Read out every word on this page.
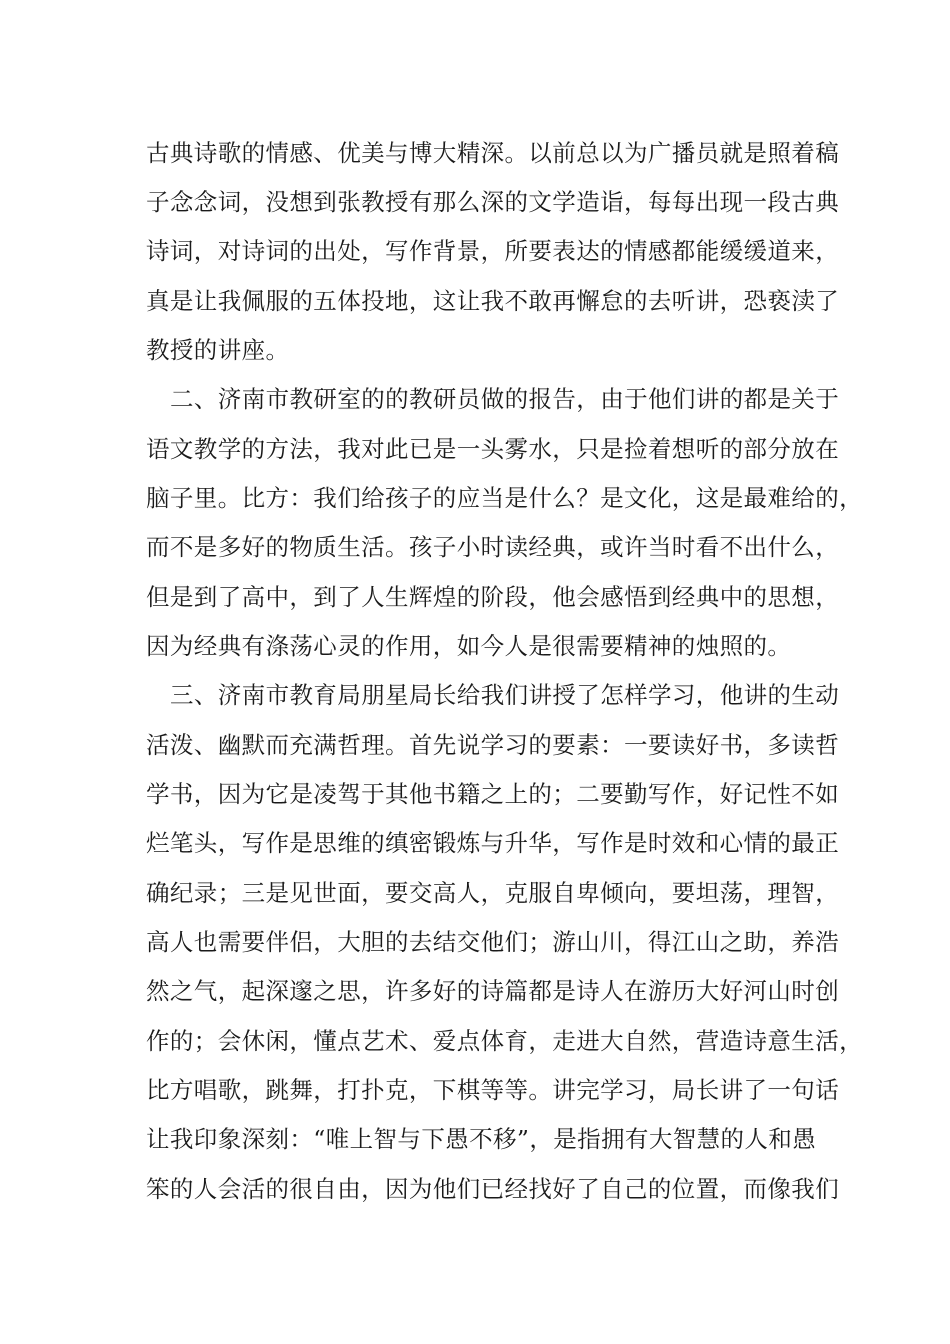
古典诗歌的情感、优美与博大精深。以前总以为广播员就是照着稿
子念念词，没想到张教授有那么深的文学造诣，每每出现一段古典
诗词，对诗词的出处，写作背景，所要表达的情感都能缓缓道来，
真是让我佩服的五体投地，这让我不敢再懈怠的去听讲，恐亵渎了
教授的讲座。
二、济南市教研室的的教研员做的报告，由于他们讲的都是关于
语文教学的方法，我对此已是一头雾水，只是捡着想听的部分放在
脑子里。比方：我们给孩子的应当是什么？是文化，这是最难给的，
而不是多好的物质生活。孩子小时读经典，或许当时看不出什么，
但是到了高中，到了人生辉煌的阶段，他会感悟到经典中的思想，
因为经典有涤荡心灵的作用，如今人是很需要精神的烛照的。
三、济南市教育局朋星局长给我们讲授了怎样学习，他讲的生动
活泼、幽默而充满哲理。首先说学习的要素：一要读好书，多读哲
学书，因为它是凌驾于其他书籍之上的；二要勤写作，好记性不如
烂笔头，写作是思维的缜密锻炼与升华，写作是时效和心情的最正
确纪录；三是见世面，要交高人，克服自卑倾向，要坦荡，理智，
高人也需要伴侣，大胆的去结交他们；游山川，得江山之助，养浩
然之气，起深邃之思，许多好的诗篇都是诗人在游历大好河山时创
作的；会休闲，懂点艺术、爱点体育，走进大自然，营造诗意生活，
比方唱歌，跳舞，打扑克，下棋等等。讲完学习，局长讲了一句话
让我印象深刻：“唯上智与下愚不移”，是指拥有大智慧的人和愚
笨的人会活的很自由，因为他们已经找好了自己的位置，而像我们
